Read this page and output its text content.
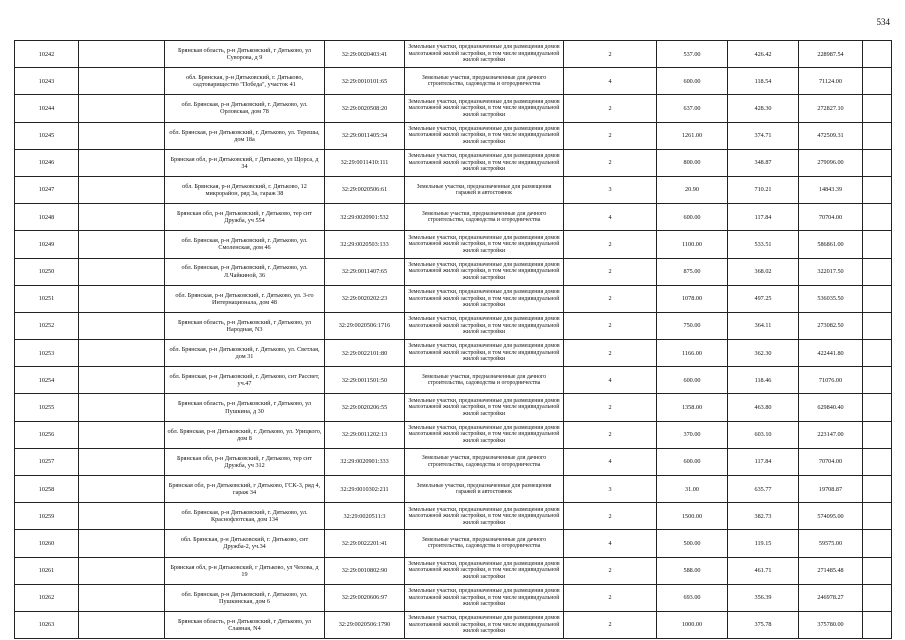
534
10242		Брянская область, р-н Дятьковский, г Дятьково, ул Суворова, д 9	32:29:0020403:41	Земельные участки, предназначенные для размещения домов малоэтажной жилой застройки, в том числе индивидуальной жилой застройки	2	537.00	426.42	228987.54	
10243		обл. Брянская, р-н Дятьковский, г. Дятьково, садтоварищество "Победа", участок 41	32:29:0010101:65	Земельные участки, предназначенные для дачного строительства, садоводства и огородничества	4	600.00	118.54	71124.00	
10244		обл. Брянская, р-н Дятьковский, г. Дятьково, ул. Орловская, дом 78	32:29:0020508:20	Земельные участки, предназначенные для размещения домов малоэтажной жилой застройки, в том числе индивидуальной жилой застройки	2	637.00	428.30	272827.10	
10245		обл. Брянская, р-н Дятьковский, г. Дятьково, ул. Терешы, дом 18а	32:29:0011405:34	Земельные участки, предназначенные для размещения домов малоэтажной жилой застройки, в том числе индивидуальной жилой застройки	2	1261.00	374.71	472509.31	
10246		Брянская обл, р-н Дятьковский, г Дятьково, ул Щорса, д 34	32:29:0011410:111	Земельные участки, предназначенные для размещения домов малоэтажной жилой застройки, в том числе индивидуальной жилой застройки	2	800.00	348.87	279096.00	
10247		обл. Брянская, р-н Дятьковский, г. Дятьково, 12 микрорайон, ряд 3а, гараж 38	32:29:0020506:61	Земельные участки, предназначенные для размещения гаражей и автостоянок	3	20.90	710.21	14843.39	
10248		Брянская обл, р-н Дятьковский, г Дятьково, тер снт Дружба, уч 554	32:29:0020901:532	Земельные участки, предназначенные для дачного строительства, садоводства и огородничества	4	600.00	117.84	70704.00	
10249		обл. Брянская, р-н Дятьковский, г. Дятьково, ул. Смоленская, дом 46	32:29:0020503:133	Земельные участки, предназначенные для размещения домов малоэтажной жилой застройки, в том числе индивидуальной жилой застройки	2	1100.00	533.51	586861.00	
10250		обл. Брянская, р-н Дятьковский, г. Дятьково, ул. Л.Чайкиной, 36	32:29:0011407:65	Земельные участки, предназначенные для размещения домов малоэтажной жилой застройки, в том числе индивидуальной жилой застройки	2	875.00	368.02	322017.50	
10251		обл. Брянская, р-н Дятьковский, г. Дятьково, ул. 3-го Интернационала, дом 48	32:29:0020202:23	Земельные участки, предназначенные для размещения домов малоэтажной жилой застройки, в том числе индивидуальной жилой застройки	2	1078.00	497.25	536035.50	
10252		Брянская область, р-н Дятьковский, г Дятьково, ул Народная, N3	32:29:0020506:1716	Земельные участки, предназначенные для размещения домов малоэтажной жилой застройки, в том числе индивидуальной жилой застройки	2	750.00	364.11	273082.50	
10253		обл. Брянская, р-н Дятьковский, г. Дятьково, ул. Светлая, дом 31	32:29:0022101:80	Земельные участки, предназначенные для размещения домов малоэтажной жилой застройки, в том числе индивидуальной жилой застройки	2	1166.00	362.30	422441.80	
10254		обл. Брянская, р-н Дятьковский, г. Дятьково, снт Рассвет, уч.47	32:29:0011501:50	Земельные участки, предназначенные для дачного строительства, садоводства и огородничества	4	600.00	118.46	71076.00	
10255		Брянская область, р-н Дятьковский, г Дятьково, ул Пушкина, д 30	32:29:0020206:55	Земельные участки, предназначенные для размещения домов малоэтажной жилой застройки, в том числе индивидуальной жилой застройки	2	1358.00	463.80	629840.40	
10256		обл. Брянская, р-н Дятьковский, г. Дятьково, ул. Урицкого, дом 8	32:29:0011202:13	Земельные участки, предназначенные для размещения домов малоэтажной жилой застройки, в том числе индивидуальной жилой застройки	2	370.00	603.10	223147.00	
10257		Брянская обл, р-н Дятьковский, г Дятьково, тер снт Дружба, уч 312	32:29:0020901:333	Земельные участки, предназначенные для дачного строительства, садоводства и огородничества	4	600.00	117.84	70704.00	
10258		Брянская обл, р-н Дятьковский, г Дятьково, ГСК-3, ряд 4, гараж 34	32:29:0010302:211	Земельные участки, предназначенные для размещения гаражей и автостоянок	3	31.00	635.77	19708.87	
10259		обл. Брянская, р-н Дятьковский, г. Дятьково, ул. Краснофлотская, дом 134	32:29:0020511:3	Земельные участки, предназначенные для размещения домов малоэтажной жилой застройки, в том числе индивидуальной жилой застройки	2	1500.00	382.73	574095.00	
10260		обл. Брянская, р-н Дятьковский, г. Дятьково, снт Дружба-2, уч.34	32:29:0022201:41	Земельные участки, предназначенные для дачного строительства, садоводства и огородничества	4	500.00	119.15	59575.00	
10261		Брянская обл, р-н Дятьковский, г Дятьково, ул Чехова, д 19	32:29:0010802:90	Земельные участки, предназначенные для размещения домов малоэтажной жилой застройки, в том числе индивидуальной жилой застройки	2	588.00	461.71	271485.48	
10262		обл. Брянская, р-н Дятьковский, г. Дятьково, ул. Пушкинская, дом 6	32:29:0020606:97	Земельные участки, предназначенные для размещения домов малоэтажной жилой застройки, в том числе индивидуальной жилой застройки	2	693.00	356.39	246978.27	
10263		Брянская область, р-н Дятьковский, г Дятьково, ул Славная, N4	32:29:0020506:1790	Земельные участки, предназначенные для размещения домов малоэтажной жилой застройки, в том числе индивидуальной жилой застройки	2	1000.00	375.78	375780.00	
